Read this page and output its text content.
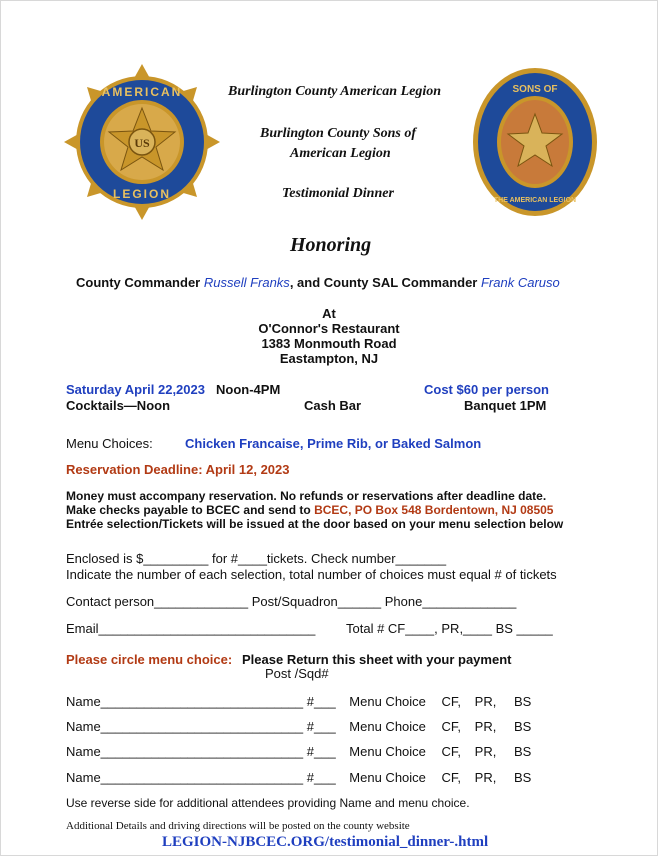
US
AMERICAN
LEGION
SONS OF
THE AMERICAN LEGION
Burlington County American Legion
Burlington County Sons of
American Legion
Testimonial Dinner
Honoring
County Commander Russell Franks, and County SAL Commander Frank Caruso
At
O'Connor's Restaurant
1383 Monmouth Road
Eastampton, NJ
Saturday April 22,2023 Noon-4PM	Cost $60 per person
Cocktails—Noon	Cash Bar	Banquet 1PM
Menu Choices: Chicken Francaise, Prime Rib, or Baked Salmon
Reservation Deadline: April 12, 2023
Money must accompany reservation. No refunds or reservations after deadline date.
Make checks payable to BCEC and send to BCEC, PO Box 548 Bordentown, NJ 08505
Entrée selection/Tickets will be issued at the door based on your menu selection below
Enclosed is $_________ for #____tickets. Check number_______
Indicate the number of each selection, total number of choices must equal # of tickets
Contact person_____________ Post/Squadron______ Phone_____________
Email______________________________ Total # CF____, PR,____ BS _____
Please circle menu choice: Please Return this sheet with your payment
Post /Sqd#
Name____________________________ #___ Menu Choice CF, PR, BS
Name____________________________ #___ Menu Choice CF, PR, BS
Name____________________________ #___ Menu Choice CF, PR, BS
Name____________________________ #___ Menu Choice CF, PR, BS
Use reverse side for additional attendees providing Name and menu choice.
Additional Details and driving directions will be posted on the county website
LEGION-NJBCEC.ORG/testimonial_dinner-.html
